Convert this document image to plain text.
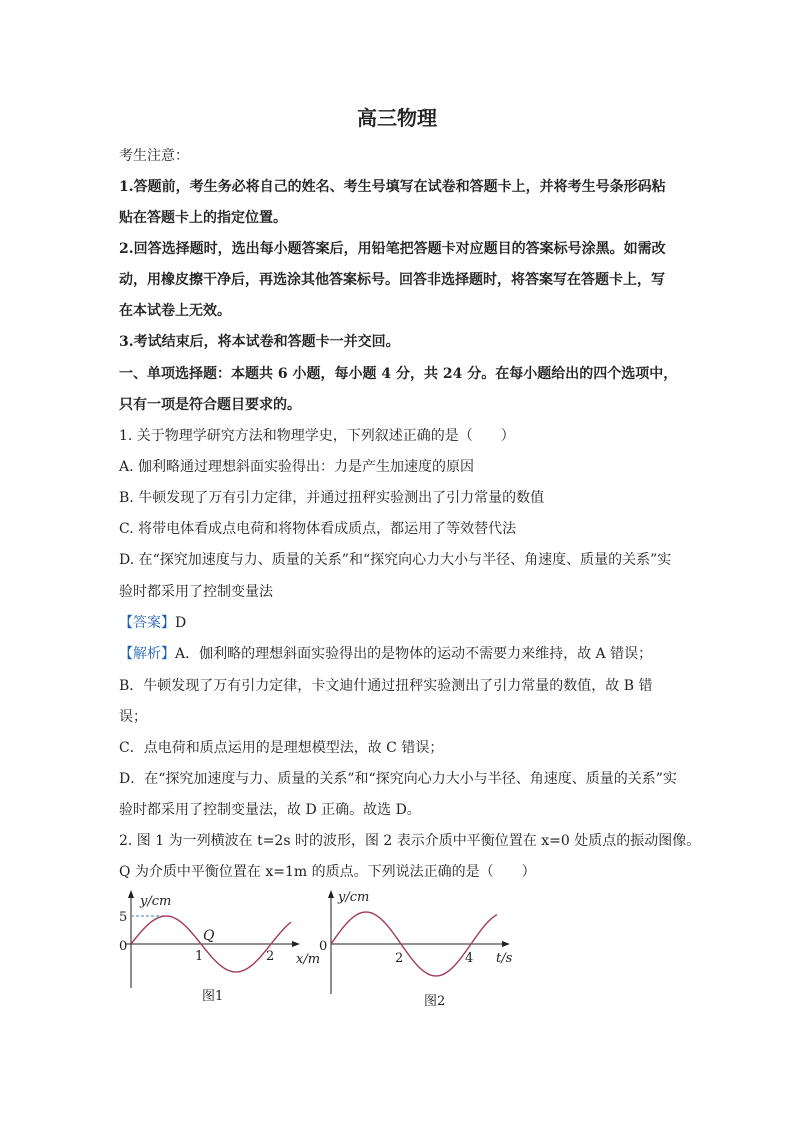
高三物理
考生注意：
1.答题前，考生务必将自己的姓名、考生号填写在试卷和答题卡上，并将考生号条形码粘
贴在答题卡上的指定位置。
2.回答选择题时，选出每小题答案后，用铅笔把答题卡对应题目的答案标号涂黑。如需改
动，用橡皮擦干净后，再选涂其他答案标号。回答非选择题时，将答案写在答题卡上，写
在本试卷上无效。
3.考试结束后，将本试卷和答题卡一并交回。
一、单项选择题：本题共 6 小题，每小题 4 分，共 24 分。在每小题给出的四个选项中，
只有一项是符合题目要求的。
1. 关于物理学研究方法和物理学史，下列叙述正确的是（　　）
A. 伽利略通过理想斜面实验得出：力是产生加速度的原因
B. 牛顿发现了万有引力定律，并通过扭秤实验测出了引力常量的数值
C. 将带电体看成点电荷和将物体看成质点，都运用了等效替代法
D. 在“探究加速度与力、质量的关系”和“探究向心力大小与半径、角速度、质量的关系”实
验时都采用了控制变量法
【答案】D
【解析】A．伽利略的理想斜面实验得出的是物体的运动不需要力来维持，故 A 错误；
B．牛顿发现了万有引力定律，卡文迪什通过扭秤实验测出了引力常量的数值，故 B 错
误；
C．点电荷和质点运用的是理想模型法，故 C 错误；
D．在“探究加速度与力、质量的关系”和“探究向心力大小与半径、角速度、质量的关系”实
验时都采用了控制变量法，故 D 正确。故选 D。
2. 图 1 为一列横波在 t=2s 时的波形，图 2 表示介质中平衡位置在 x=0 处质点的振动图像。
Q 为介质中平衡位置在 x=1m 的质点。下列说法正确的是（　　）
y/cm
5
0
Q
1	2 x/m
图1
y/cm
0
2	4 t/s
图2
